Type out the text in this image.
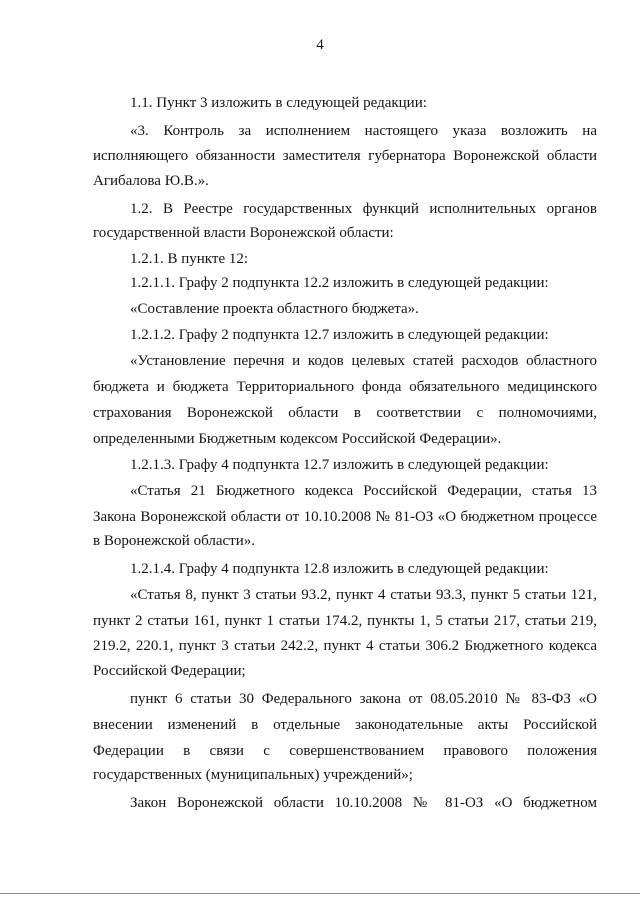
4

1.1. Пункт 3 изложить в следующей редакции:

«3. Контроль за исполнением настоящего указа возложить на

исполняющего обязанности заместителя губернатора Воронежской области

Агибалова Ю.В.».

1.2. В Реестре государственных функций исполнительных органов

государственной власти Воронежской области:

1.2.1. В пункте 12:

1.2.1.1. Графу 2 подпункта 12.2 изложить в следующей редакции:

«Составление проекта областного бюджета».

1.2.1.2. Графу 2 подпункта 12.7 изложить в следующей редакции:

«Установление перечня и кодов целевых статей расходов областного

бюджета и бюджета Территориального фонда обязательного медицинского

страхования Воронежской области в соответствии с полномочиями,

определенными Бюджетным кодексом Российской Федерации».

1.2.1.3. Графу 4 подпункта 12.7 изложить в следующей редакции:

«Статья 21 Бюджетного кодекса Российской Федерации, статья 13

Закона Воронежской области от 10.10.2008 № 81-ОЗ «О бюджетном процессе

в Воронежской области».

1.2.1.4. Графу 4 подпункта 12.8 изложить в следующей редакции:

«Статья 8, пункт 3 статьи 93.2, пункт 4 статьи 93.3, пункт 5 статьи 121,

пункт 2 статьи 161, пункт 1 статьи 174.2, пункты 1, 5 статьи 217, статьи 219,

219.2, 220.1, пункт 3 статьи 242.2, пункт 4 статьи 306.2 Бюджетного кодекса

Российской Федерации;

пункт 6 статьи 30 Федерального закона от 08.05.2010 № 83-ФЗ «О

внесении изменений в отдельные законодательные акты Российской

Федерации в связи с совершенствованием правового положения

государственных (муниципальных) учреждений»;

Закон Воронежской области 10.10.2008 № 81-ОЗ «О бюджетном
